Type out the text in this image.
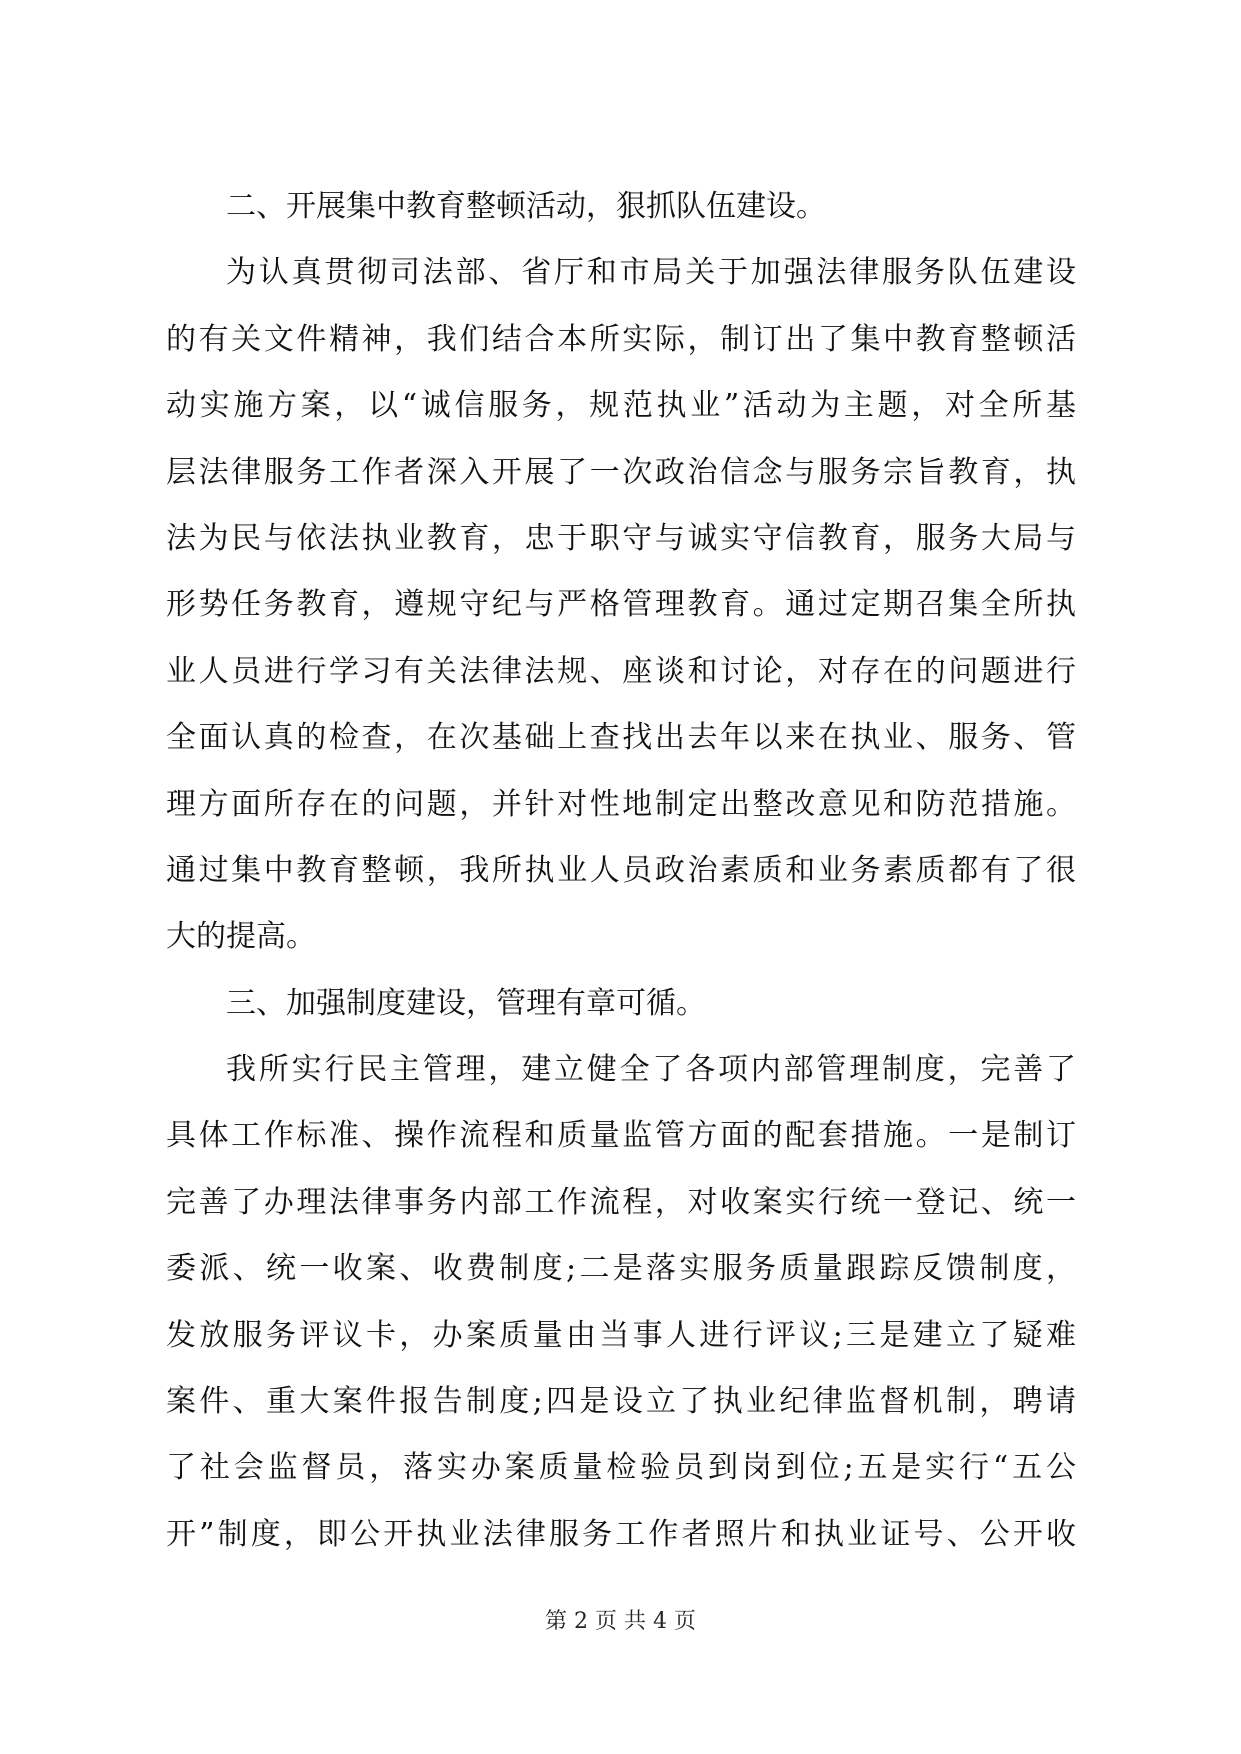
二、开展集中教育整顿活动，狠抓队伍建设。
为认真贯彻司法部、省厅和市局关于加强法律服务队伍建设
的有关文件精神，我们结合本所实际，制订出了集中教育整顿活
动实施方案，以“诚信服务，规范执业”活动为主题，对全所基
层法律服务工作者深入开展了一次政治信念与服务宗旨教育，执
法为民与依法执业教育，忠于职守与诚实守信教育，服务大局与
形势任务教育，遵规守纪与严格管理教育。通过定期召集全所执
业人员进行学习有关法律法规、座谈和讨论，对存在的问题进行
全面认真的检查，在次基础上查找出去年以来在执业、服务、管
理方面所存在的问题，并针对性地制定出整改意见和防范措施。
通过集中教育整顿，我所执业人员政治素质和业务素质都有了很
大的提高。
三、加强制度建设，管理有章可循。
我所实行民主管理，建立健全了各项内部管理制度，完善了
具体工作标准、操作流程和质量监管方面的配套措施。一是制订
完善了办理法律事务内部工作流程，对收案实行统一登记、统一
委派、统一收案、收费制度;二是落实服务质量跟踪反馈制度，
发放服务评议卡，办案质量由当事人进行评议;三是建立了疑难
案件、重大案件报告制度;四是设立了执业纪律监督机制，聘请
了社会监督员，落实办案质量检验员到岗到位;五是实行“五公
开”制度，即公开执业法律服务工作者照片和执业证号、公开收
第 2 页 共 4 页
